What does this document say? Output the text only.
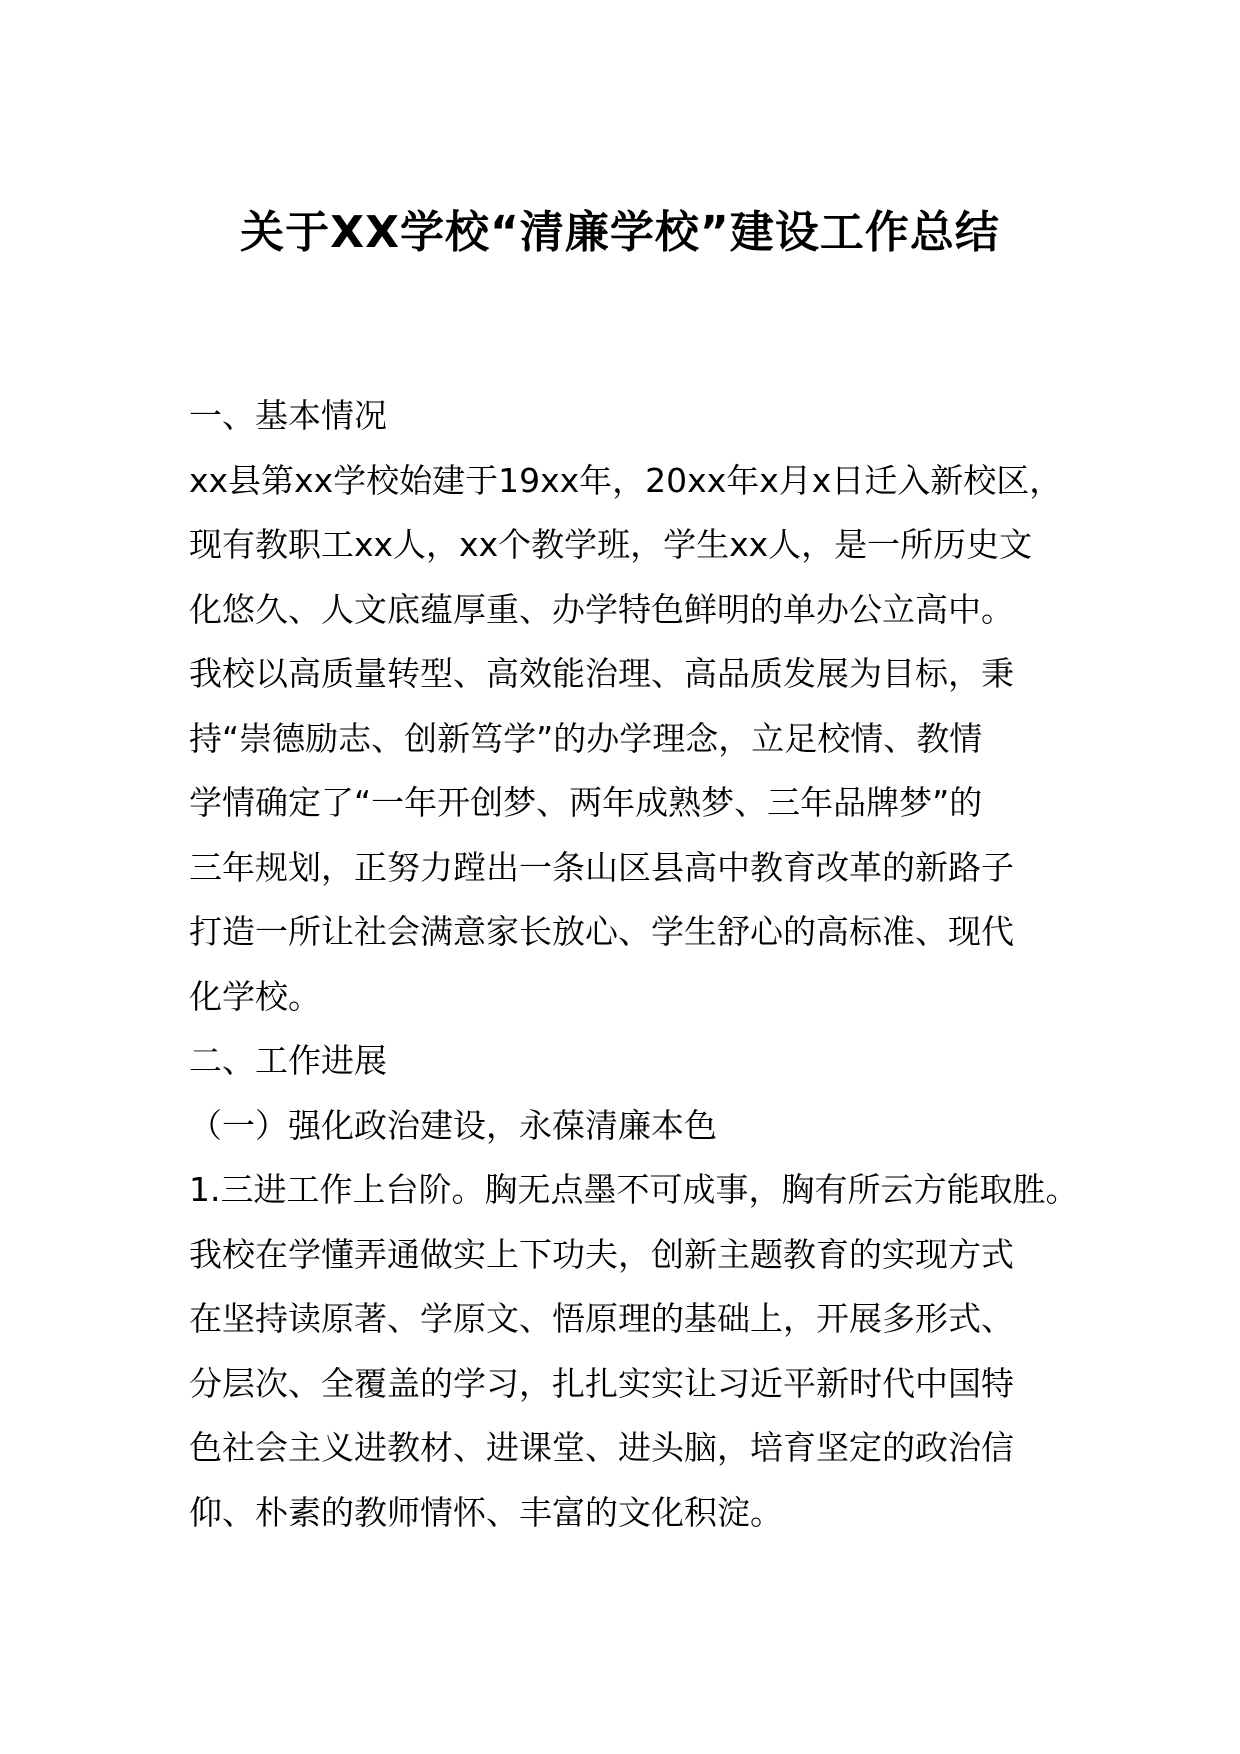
关于XX学校“清廉学校”建设工作总结

一、基本情况

xx县第xx学校始建于19xx年，20xx年x月x日迁入新校区，

现有教职工xx人，xx个教学班，学生xx人，是一所历史文

化悠久、人文底蕴厚重、办学特色鲜明的单办公立高中。

我校以高质量转型、高效能治理、高品质发展为目标，秉

持“崇德励志、创新笃学”的办学理念，立足校情、教情

学情确定了“一年开创梦、两年成熟梦、三年品牌梦”的

三年规划，正努力蹚出一条山区县高中教育改革的新路子

打造一所让社会满意家长放心、学生舒心的高标准、现代

化学校。

二、工作进展

（一）强化政治建设，永葆清廉本色

1.三进工作上台阶。胸无点墨不可成事，胸有所云方能取胜。

我校在学懂弄通做实上下功夫，创新主题教育的实现方式

在坚持读原著、学原文、悟原理的基础上，开展多形式、

分层次、全覆盖的学习，扎扎实实让习近平新时代中国特

色社会主义进教材、进课堂、进头脑，培育坚定的政治信

仰、朴素的教师情怀、丰富的文化积淀。
